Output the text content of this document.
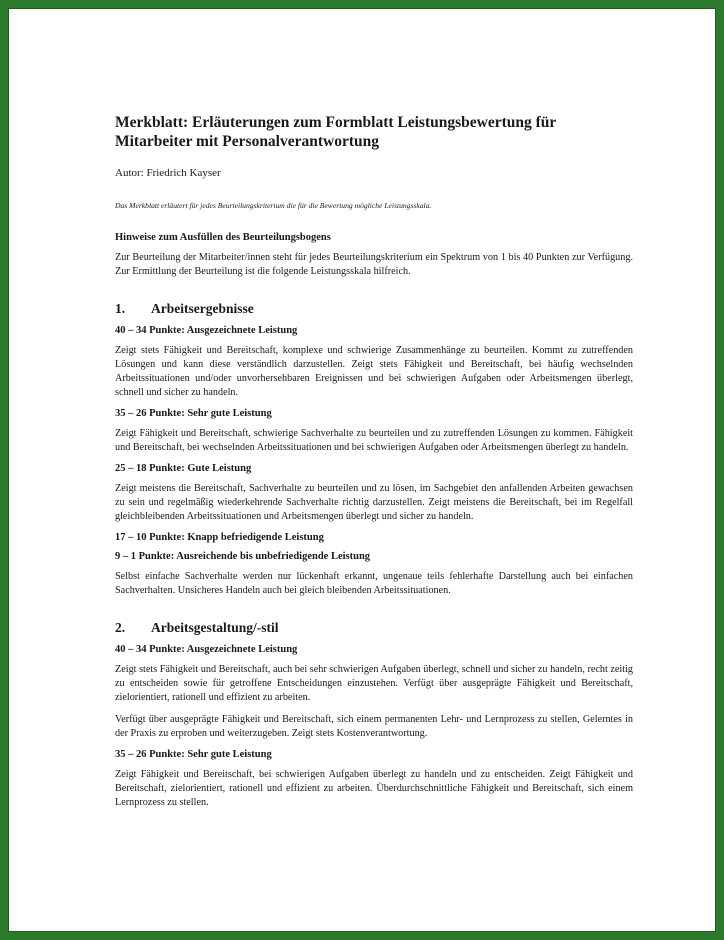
Merkblatt: Erläuterungen zum Formblatt Leistungsbewertung für Mitarbeiter mit Personalverantwortung
Autor: Friedrich Kayser
Das Merkblatt erläutert für jedes Beurteilungskriterium die für die Bewertung mögliche Leistungsskala.
Hinweise zum Ausfüllen des Beurteilungsbogens
Zur Beurteilung der Mitarbeiter/innen steht für jedes Beurteilungskriterium ein Spektrum von 1 bis 40 Punkten zur Verfügung. Zur Ermittlung der Beurteilung ist die folgende Leistungsskala hilfreich.
1.	Arbeitsergebnisse
40 – 34 Punkte: Ausgezeichnete Leistung
Zeigt stets Fähigkeit und Bereitschaft, komplexe und schwierige Zusammenhänge zu beurteilen. Kommt zu zutreffenden Lösungen und kann diese verständlich darzustellen. Zeigt stets Fähigkeit und Bereitschaft, bei häufig wechselnden Arbeitssituationen und/oder unvorhersehbaren Ereignissen und bei schwierigen Aufgaben oder Arbeitsmengen überlegt, schnell und sicher zu handeln.
35 – 26 Punkte: Sehr gute Leistung
Zeigt Fähigkeit und Bereitschaft, schwierige Sachverhalte zu beurteilen und zu zutreffenden Lösungen zu kommen. Fähigkeit und Bereitschaft, bei wechselnden Arbeitssituationen und bei schwierigen Aufgaben oder Arbeitsmengen überlegt zu handeln.
25 – 18 Punkte: Gute Leistung
Zeigt meistens die Bereitschaft, Sachverhalte zu beurteilen und zu lösen, im Sachgebiet den anfallenden Arbeiten gewachsen zu sein und regelmäßig wiederkehrende Sachverhalte richtig darzustellen. Zeigt meistens die Bereitschaft, bei im Regelfall gleichbleibenden Arbeitssituationen und Arbeitsmengen überlegt und sicher zu handeln.
17 – 10 Punkte: Knapp befriedigende Leistung
9 – 1 Punkte: Ausreichende bis unbefriedigende Leistung
Selbst einfache Sachverhalte werden nur lückenhaft erkannt, ungenaue teils fehlerhafte Darstellung auch bei einfachen Sachverhalten. Unsicheres Handeln auch bei gleich bleibenden Arbeitssituationen.
2.	Arbeitsgestaltung/-stil
40 – 34 Punkte: Ausgezeichnete Leistung
Zeigt stets Fähigkeit und Bereitschaft, auch bei sehr schwierigen Aufgaben überlegt, schnell und sicher zu handeln, recht zeitig zu entscheiden sowie für getroffene Entscheidungen einzustehen. Verfügt über ausgeprägte Fähigkeit und Bereitschaft, zielorientiert, rationell und effizient zu arbeiten.
Verfügt über ausgeprägte Fähigkeit und Bereitschaft, sich einem permanenten Lehr- und Lernprozess zu stellen, Gelerntes in der Praxis zu erproben und weiterzugeben. Zeigt stets Kostenverantwortung.
35 – 26 Punkte: Sehr gute Leistung
Zeigt Fähigkeit und Bereitschaft, bei schwierigen Aufgaben überlegt zu handeln und zu entscheiden. Zeigt Fähigkeit und Bereitschaft, zielorientiert, rationell und effizient zu arbeiten. Überdurchschnittliche Fähigkeit und Bereitschaft, sich einem Lernprozess zu stellen.
